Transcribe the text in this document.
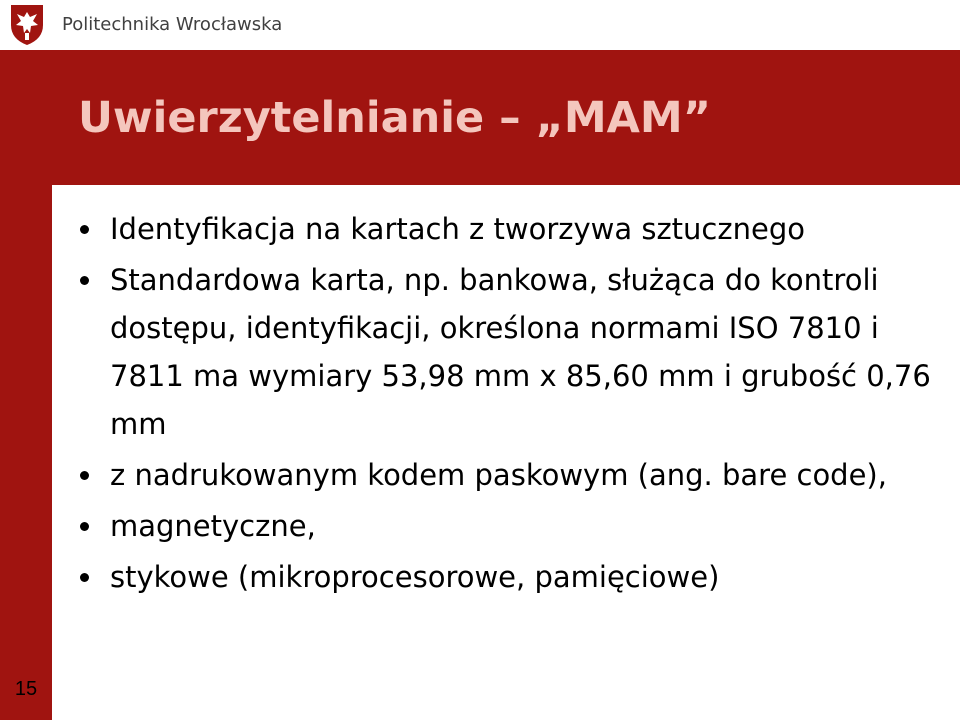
Politechnika Wrocławska
Uwierzytelnianie – „MAM”
Identyfikacja na kartach z tworzywa sztucznego
Standardowa karta, np. bankowa, służąca do kontroli dostępu, identyfikacji, określona normami ISO 7810 i 7811 ma wymiary 53,98 mm x 85,60 mm i grubość 0,76 mm
z nadrukowanym kodem paskowym (ang. bare code),
magnetyczne,
stykowe (mikroprocesorowe, pamięciowe)
15
